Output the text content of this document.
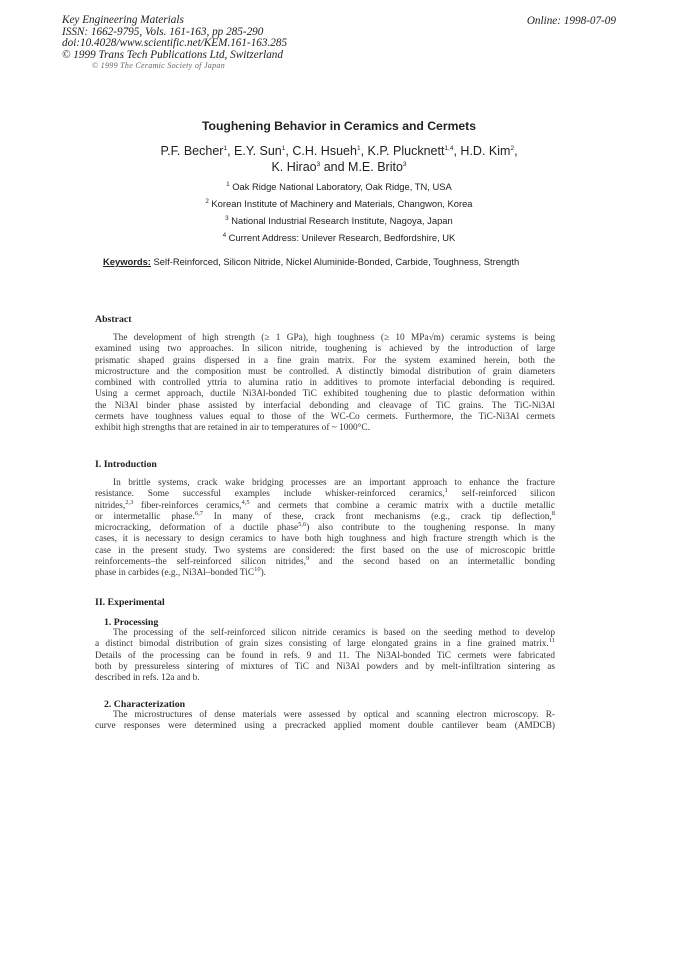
Key Engineering Materials
ISSN: 1662-9795, Vols. 161-163, pp 285-290
doi:10.4028/www.scientific.net/KEM.161-163.285
© 1999 Trans Tech Publications Ltd, Switzerland
Online: 1998-07-09
© 1999 The Ceramic Society of Japan
Toughening Behavior in Ceramics and Cermets
P.F. Becher$^1$, E.Y. Sun$^1$, C.H. Hsueh$^1$, K.P. Plucknett$^{1,4}$, H.D. Kim$^2$,
K. Hirao$^3$ and M.E. Brito$^3$
$^1$ Oak Ridge National Laboratory, Oak Ridge, TN, USA
$^2$ Korean Institute of Machinery and Materials, Changwon, Korea
$^3$ National Industrial Research Institute, Nagoya, Japan
$^4$ Current Address: Unilever Research, Bedfordshire, UK
Keywords: Self-Reinforced, Silicon Nitride, Nickel Aluminide-Bonded, Carbide, Toughness, Strength
Abstract
The development of high strength (≥ 1 GPa), high toughness (≥ 10 MPa√m) ceramic systems is being
examined using two approaches. In silicon nitride, toughening is achieved by the introduction of large
prismatic shaped grains dispersed in a fine grain matrix. For the system examined herein, both the
microstructure and the composition must be controlled. A distinctly bimodal distribution of grain diameters
combined with controlled yttria to alumina ratio in additives to promote interfacial debonding is required.
Using a cermet approach, ductile Ni3Al-bonded TiC exhibited toughening due to plastic deformation within
the Ni3Al binder phase assisted by interfacial debonding and cleavage of TiC grains. The TiC-Ni3Al
cermets have toughness values equal to those of the WC-Co cermets. Furthermore, the TiC-Ni3Al cermets
exhibit high strengths that are retained in air to temperatures of ~ 1000°C.
I. Introduction
In brittle systems, crack wake bridging processes are an important approach to enhance the fracture
resistance. Some successful examples include whisker-reinforced ceramics,$^1$ self-reinforced silicon
nitrides,$^{2,3}$ fiber-reinforces ceramics,$^{4,5}$ and cermets that combine a ceramic matrix with a ductile metallic
or intermetallic phase.$^{6,7}$ In many of these, crack front mechanisms (e.g., crack tip deflection,$^8$
microcracking, deformation of a ductile phase$^{5,6}$) also contribute to the toughening response. In many
cases, it is necessary to design ceramics to have both high toughness and high fracture strength which is the
case in the present study. Two systems are considered: the first based on the use of microscopic brittle
reinforcements–the self-reinforced silicon nitrides,$^9$ and the second based on an intermetallic bonding
phase in carbides (e.g., Ni3Al–bonded TiC$^{10}$).
II. Experimental
1. Processing
The processing of the self-reinforced silicon nitride ceramics is based on the seeding method to develop
a distinct bimodal distribution of grain sizes consisting of large elongated grains in a fine grained matrix.$^{11}$
Details of the processing can be found in refs. 9 and 11. The Ni3Al-bonded TiC cermets were fabricated
both by pressureless sintering of mixtures of TiC and Ni3Al powders and by melt-infiltration sintering as
described in refs. 12a and b.
2. Characterization
The microstructures of dense materials were assessed by optical and scanning electron microscopy. R-
curve responses were determined using a precracked applied moment double cantilever beam (AMDCB)
